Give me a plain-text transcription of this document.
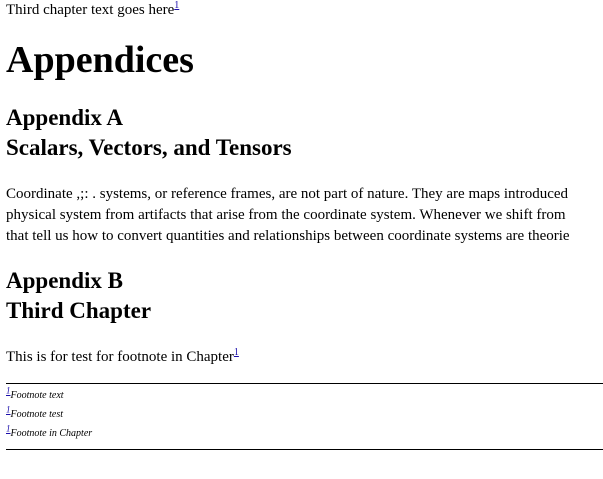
Third chapter text goes here$^1$
Appendices
Appendix A
Scalars, Vectors, and Tensors

Coordinate ,;: . systems, or reference frames, are not part of nature. They are maps introduced
physical system from artifacts that arise from the coordinate system. Whenever we shift from
that tell us how to convert quantities and relationships between coordinate systems are theorie

Appendix B
Third Chapter

This is for test for footnote in Chapter$^1$

$^1$Footnote text
$^1$Footnote test
$^1$Footnote in Chapter
